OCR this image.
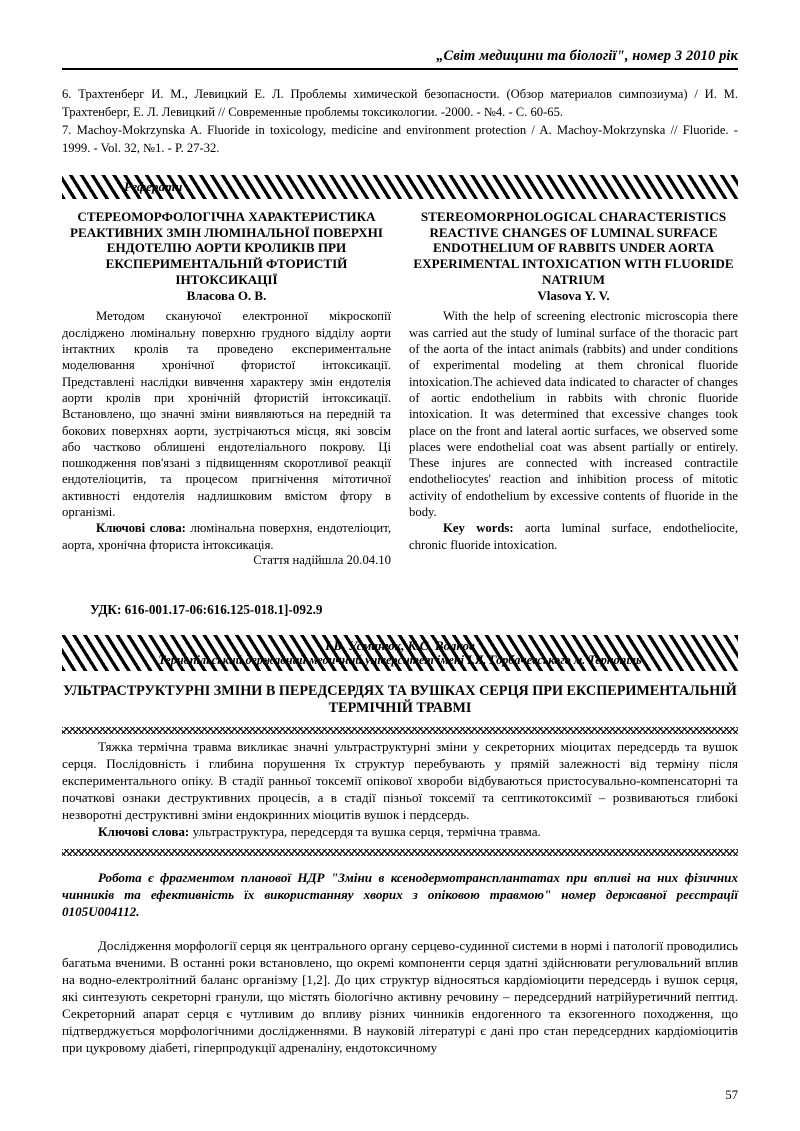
„Світ медицини та біології", номер 3 2010 рік

6. Трахтенберг И. М., Левицкий Е. Л. Проблемы химической безопасности. (Обзор материалов симпозиума) / И. М. Трахтенберг, Е. Л. Левицкий // Современные проблемы токсикологии. -2000. - №4. - С. 60-65.

7. Machoy-Mokrzynska A. Fluoride in toxicology, medicine and environment protection / A. Machoy-Mokrzynska // Fluoride. - 1999. - Vol. 32, №1. - P. 27-32.

Реферати

СТЕРЕОМОРФОЛОГІЧНА ХАРАКТЕРИСТИКА РЕАКТИВНИХ ЗМІН ЛЮМІНАЛЬНОЇ ПОВЕРХНІ ЕНДОТЕЛІЮ АОРТИ КРОЛИКІВ ПРИ ЕКСПЕРИМЕНТАЛЬНІЙ ФТОРИСТІЙ ІНТОКСИКАЦІЇ

Власова О. В.

Методом скануючої електронної мікроскопії досліджено люмінальну поверхню грудного відділу аорти інтактних кролів та проведено експериментальне моделювання хронічної фтористої інтоксикації. Представлені наслідки вивчення характеру змін ендотелія аорти кролів при хронічній фтористій інтоксикації. Встановлено, що значні зміни виявляються на передній та бокових поверхнях аорти, зустрічаються місця, які зовсім або частково облишені ендотеліального покрову. Ці пошкодження пов'язані з підвищенням скоротливої реакції ендотеліоцитів, та процесом пригнічення мітотичної активності ендотелія надлишковим вмістом фтору в організмі.

Ключові слова: люмінальна поверхня, ендотеліоцит, аорта, хронічна фториста інтоксикація.

Стаття надійшла 20.04.10

STEREOMORPHOLOGICAL CHARACTERISTICS REACTIVE CHANGES OF LUMINAL SURFACE ENDOTHELIUM OF RABBITS UNDER AORTA EXPERIMENTAL INTOXICATION WITH FLUORIDE NATRIUM

Vlasova Y. V.

With the help of screening electronic microscopia there was carried aut the study of luminal surface of the thoracic part of the aorta of the intact animals (rabbits) and under conditions of experimental modeling at them chronical fluoride intoxication.The achieved data indicated to character of changes of aortic endothelium in rabbits with chronic fluoride intoxication. It was determined that excessive changes took place on the front and lateral aortic surfaces, we observed some places were endothelial coat was absent partially or entirely. These injures are connected with increased contractile endotheliocytes' reaction and inhibition process of mitotic activity of endothelium by excessive contents of fluoride in the body.

Key words: aorta luminal surface, endotheliocite, chronic fluoride intoxication.

УДК: 616-001.17-06:616.125-018.1]-092.9
І.Б. Усманюк, К.С. Волков
Тернопільський державний медичний університет імені І.Я. Горбачевського м. Тернопіль

УЛЬТРАСТРУКТУРНІ ЗМІНИ В ПЕРЕДСЕРДЯХ ТА ВУШКАХ СЕРЦЯ ПРИ ЕКСПЕРИМЕНТАЛЬНІЙ ТЕРМІЧНІЙ ТРАВМІ

Тяжка термічна травма викликає значні ультраструктурні зміни у секреторних міоцитах передсердь та вушок серця. Послідовність і глибина порушення їх структур перебувають у прямій залежності від терміну після експериментального опіку. В стадії ранньої токсемії опікової хвороби відбуваються пристосувально-компенсаторні та початкові ознаки деструктивних процесів, а в стадії пізньої токсемії та септикотоксимії – розвиваються глибокі незворотні деструктивні зміни ендокринних міоцитів вушок і пердсердь.

Ключові слова: ультраструктура, передсердя та вушка серця, термічна травма.

Робота є фрагментом планової НДР "Зміни в ксенодермотрансплантатах при впливі на них фізичних чинників та ефективність їх використанняу хворих з опіковою травмою" номер державної реєстрації 0105U004112.

Дослідження морфології серця як центрального органу серцево-судинної системи в нормі і патології проводились багатьма вченими. В останні роки встановлено, що окремі компоненти серця здатні здійснювати регулювальний вплив на водно-електролітний баланс організму [1,2]. До цих структур відносяться кардіоміоцити передсердь і вушок серця, які синтезують секреторні гранули, що містять біологічно активну речовину – передсердний натрійуретичний пептид. Секреторний апарат серця є чутливим до впливу різних чинників ендогенного та екзогенного походження, що підтверджується морфологічними дослідженнями. В науковій літературі є дані про стан передсердних кардіоміоцитів при цукровому діабеті, гіперпродукції адреналіну, ендотоксичному

57
